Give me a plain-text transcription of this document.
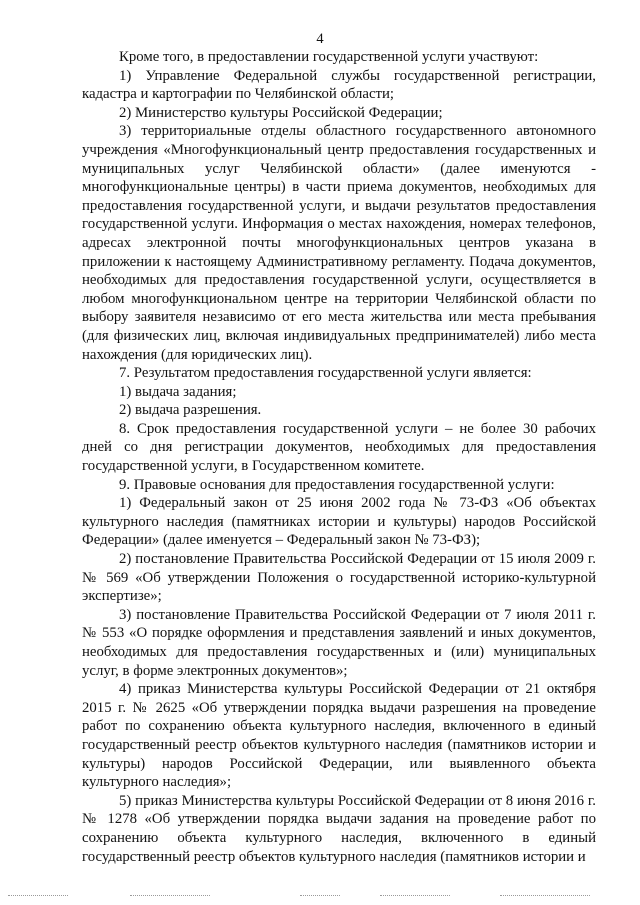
4

Кроме того, в предоставлении государственной услуги участвуют:

1) Управление Федеральной службы государственной регистрации, кадастра и картографии по Челябинской области;

2) Министерство культуры Российской Федерации;

3) территориальные отделы областного государственного автономного учреждения «Многофункциональный центр предоставления государственных и муниципальных услуг Челябинской области» (далее именуются - многофункциональные центры) в части приема документов, необходимых для предоставления государственной услуги, и выдачи результатов предоставления государственной услуги. Информация о местах нахождения, номерах телефонов, адресах электронной почты многофункциональных центров указана в приложении к настоящему Административному регламенту. Подача документов, необходимых для предоставления государственной услуги, осуществляется в любом многофункциональном центре на территории Челябинской области по выбору заявителя независимо от его места жительства или места пребывания (для физических лиц, включая индивидуальных предпринимателей) либо места нахождения (для юридических лиц).

7. Результатом предоставления государственной услуги является:

1) выдача задания;

2) выдача разрешения.

8. Срок предоставления государственной услуги – не более 30 рабочих дней со дня регистрации документов, необходимых для предоставления государственной услуги, в Государственном комитете.

9. Правовые основания для предоставления государственной услуги:

1) Федеральный закон от 25 июня 2002 года № 73-ФЗ «Об объектах культурного наследия (памятниках истории и культуры) народов Российской Федерации» (далее именуется – Федеральный закон № 73-ФЗ);

2) постановление Правительства Российской Федерации от 15 июля 2009 г. № 569 «Об утверждении Положения о государственной историко-культурной экспертизе»;

3) постановление Правительства Российской Федерации от 7 июля 2011 г. № 553 «О порядке оформления и представления заявлений и иных документов, необходимых для предоставления государственных и (или) муниципальных услуг, в форме электронных документов»;

4) приказ Министерства культуры Российской Федерации от 21 октября 2015 г. № 2625 «Об утверждении порядка выдачи разрешения на проведение работ по сохранению объекта культурного наследия, включенного в единый государственный реестр объектов культурного наследия (памятников истории и культуры) народов Российской Федерации, или выявленного объекта культурного наследия»;

5) приказ Министерства культуры Российской Федерации от 8 июня 2016 г. № 1278 «Об утверждении порядка выдачи задания на проведение работ по сохранению объекта культурного наследия, включенного в единый государственный реестр объектов культурного наследия (памятников истории и
